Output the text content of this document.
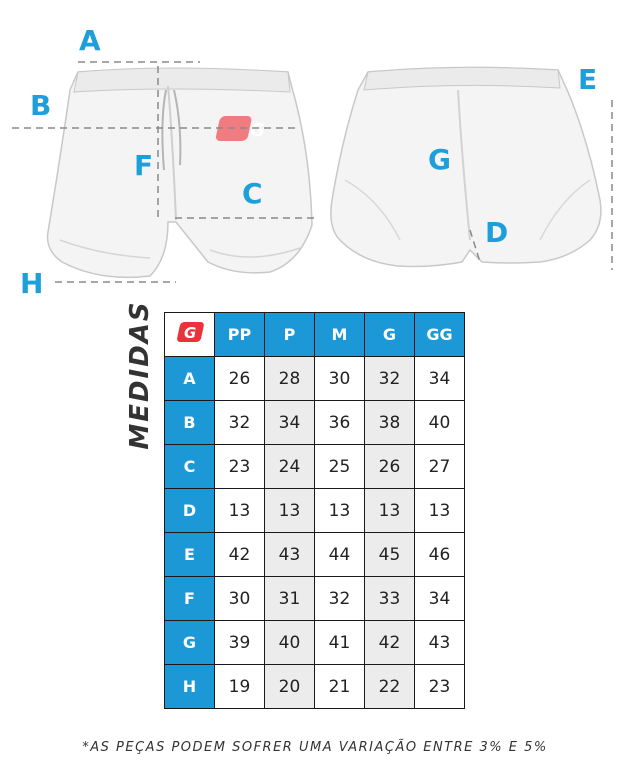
G
A
B
C
D
E
F	G
H
MEDIDAS	G	PP	P	M	G	GG
A	26	28	30	32	34
B	32	34	36	38	40
C	23	24	25	26	27
D	13	13	13	13	13
E	42	43	44	45	46
F	30	31	32	33	34
G	39	40	41	42	43
H	19	20	21	22	23
*AS PEÇAS PODEM SOFRER UMA VARIAÇÃO ENTRE 3% E 5%
